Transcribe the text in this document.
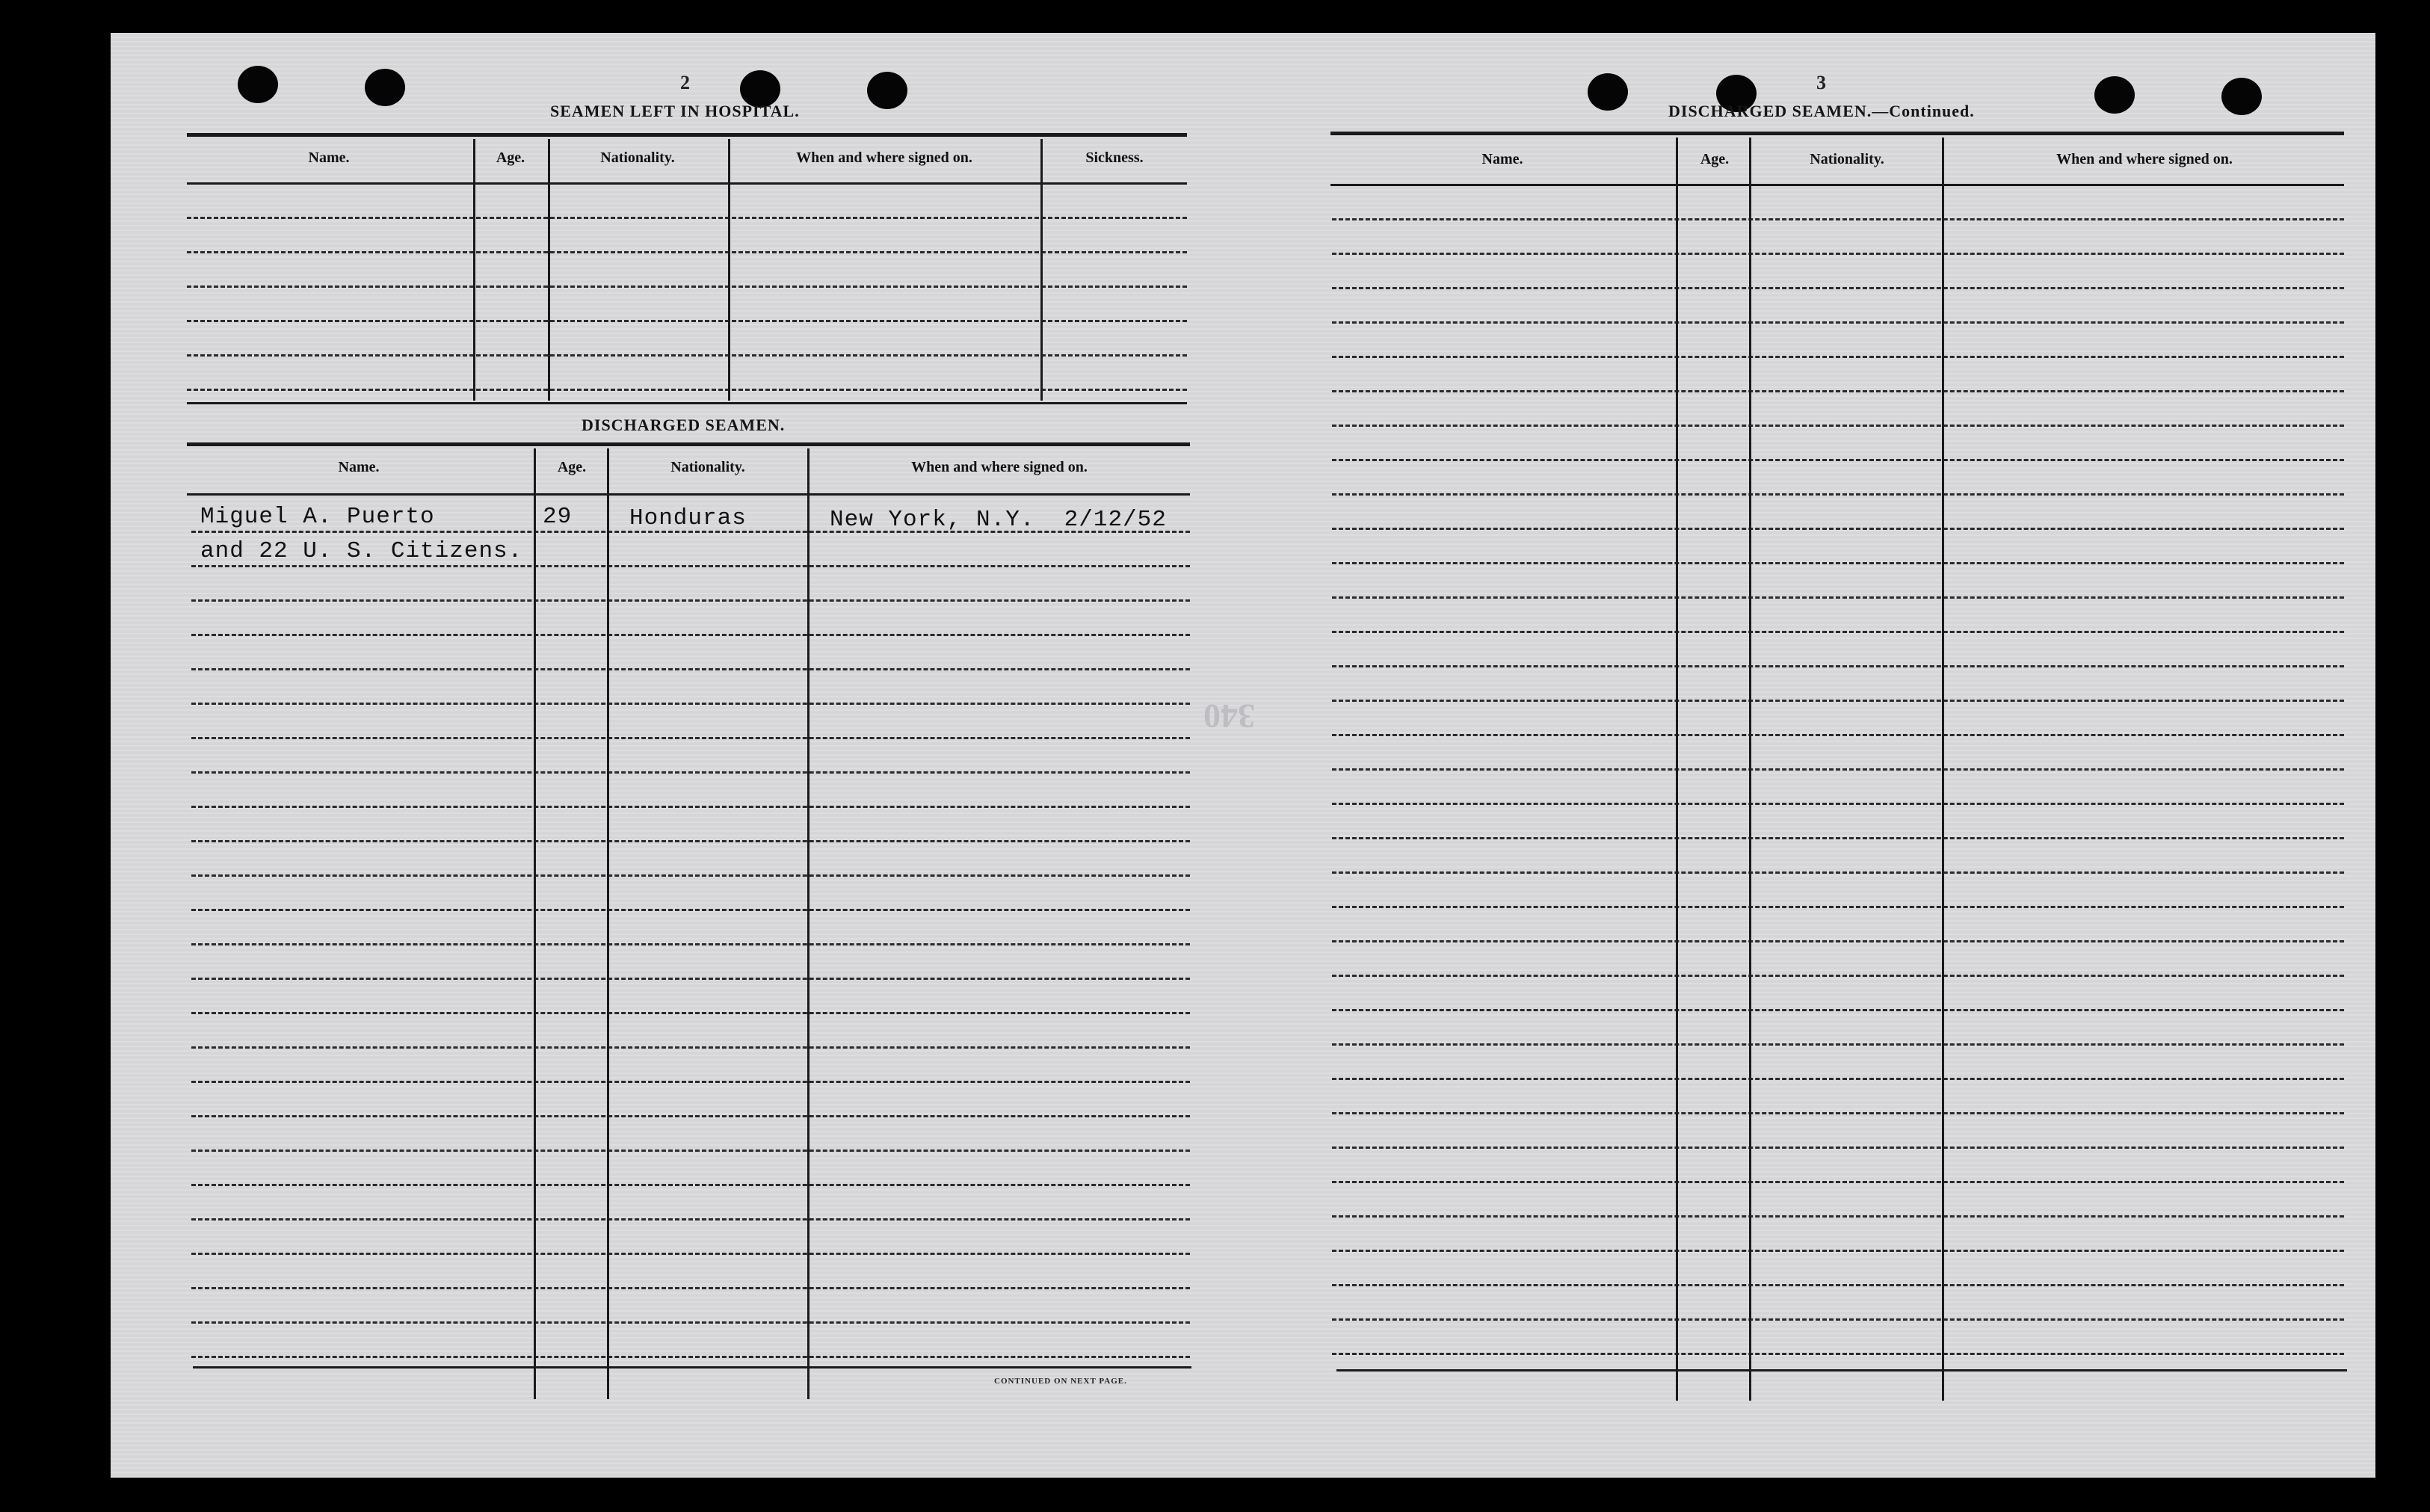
340
2
SEAMEN LEFT IN HOSPITAL.
Name.	Age.	Nationality.	When and where signed on.	Sickness.
DISCHARGED SEAMEN.
Name.	Age.	Nationality.	When and where signed on.
Miguel A. Puerto	29 Honduras	New York, N.Y.  2/12/52
and 22 U. S. Citizens.
CONTINUED ON NEXT PAGE.
3
DISCHARGED SEAMEN.—Continued.
Name.	Age.	Nationality.	When and where signed on.
